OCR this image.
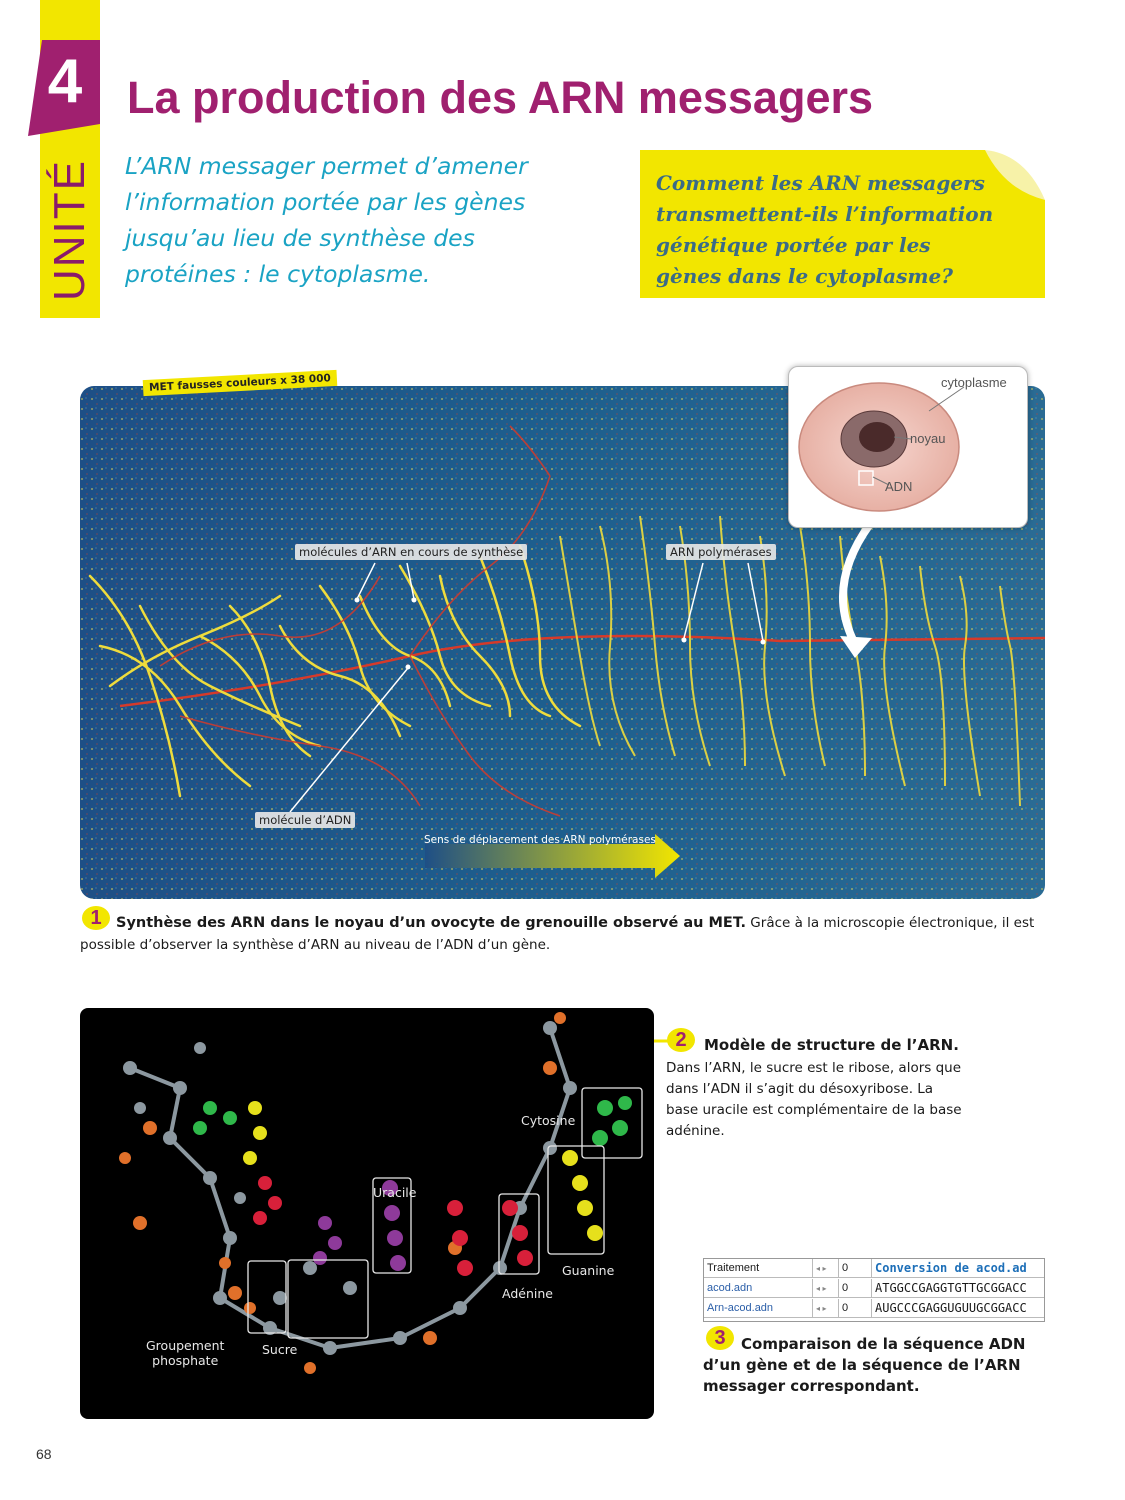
4
UNITÉ
La production des ARN messagers
L’ARN messager permet d’amener l’information portée par les gènes jusqu’au lieu de synthèse des protéines : le cytoplasme.
Comment les ARN messagers transmettent-ils l’information génétique portée par les gènes dans le cytoplasme?
MET fausses couleurs x 38 000
molécules d’ARN en cours de synthèse	ARN polymérases
molécule d’ADN
Sens de déplacement des ARN polymérases
cytoplasme
noyau
ADN
1 Synthèse des ARN dans le noyau d’un ovocyte de grenouille observé au MET. Grâce à la microscopie électronique, il est possible d’observer la synthèse d’ARN au niveau de l’ADN d’un gène.
Cytosine
Uracile
Guanine
Adénine
Groupement
phosphate
Sucre
2	Modèle de structure de l’ARN.
Dans l’ARN, le sucre est le ribose, alors que dans l’ADN il s’agit du désoxyribose. La base uracile est complémentaire de la base adénine.
Traitement	◂ ▸	0	Conversion de acod.ad
acod.adn	◂ ▸	0	ATGGCCGAGGTGTTGCGGACC
Arn-acod.adn	◂ ▸	0	AUGCCCGAGGUGUUGCGGACC
3	Comparaison de la séquence ADN d’un gène et de la séquence de l’ARN messager correspondant.
68
